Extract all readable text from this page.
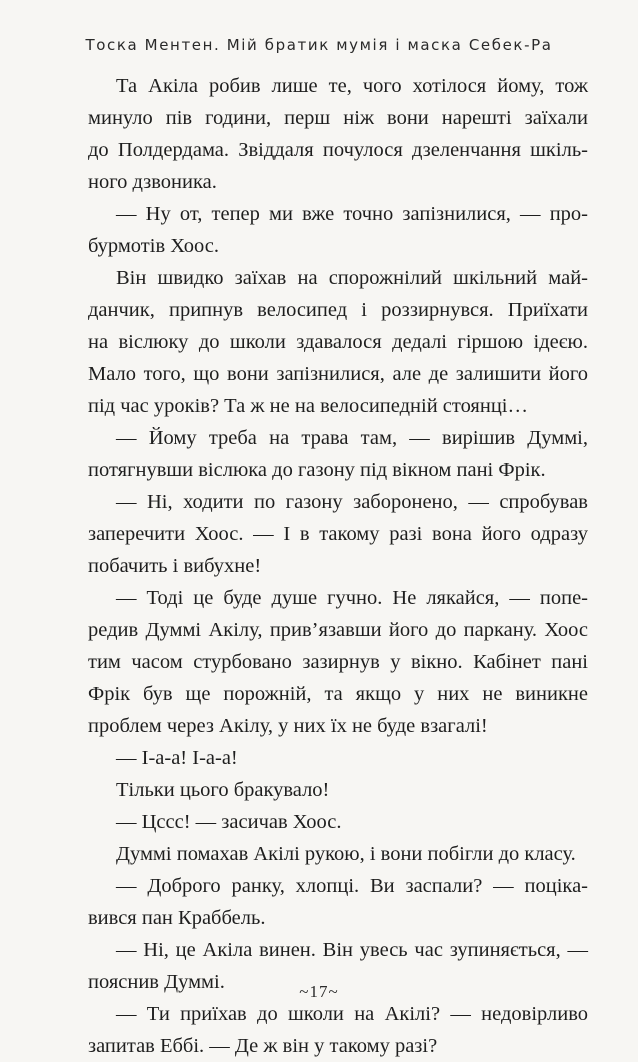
Тоска Ментен. Мій братик мумія і маска Себек-Ра
Та Акіла робив лише те, чого хотілося йому, тож
минуло пів години, перш ніж вони нарешті заїхали
до Полдердама. Звіддаля почулося дзеленчання шкіль-
ного дзвоника.
— Ну от, тепер ми вже точно запізнилися, — про-
бурмотів Хоос.
Він швидко заїхав на спорожнілий шкільний май-
данчик, припнув велосипед і роззирнувся. Приїхати
на віслюку до школи здавалося дедалі гіршою ідеєю.
Мало того, що вони запізнилися, але де залишити його
під час уроків? Та ж не на велосипедній стоянці…
— Йому треба на трава там, — вирішив Думмі,
потягнувши віслюка до газону під вікном пані Фрік.
— Ні, ходити по газону заборонено, — спробував
заперечити Хоос. — І в такому разі вона його одразу
побачить і вибухне!
— Тоді це буде душе гучно. Не лякайся, — попе-
редив Думмі Акілу, прив’язавши його до паркану. Хоос
тим часом стурбовано зазирнув у вікно. Кабінет пані
Фрік був ще порожній, та якщо у них не виникне
проблем через Акілу, у них їх не буде взагалі!
— І-а-а! І-а-а!
Тільки цього бракувало!
— Цссс! — засичав Хоос.
Думмі помахав Акілі рукою, і вони побігли до класу.
— Доброго ранку, хлопці. Ви заспали? — поціка-
вився пан Краббель.
— Ні, це Акіла винен. Він увесь час зупиняється, —
пояснив Думмі.
— Ти приїхав до школи на Акілі? — недовірливо
запитав Еббі. — Де ж він у такому разі?
~17~
